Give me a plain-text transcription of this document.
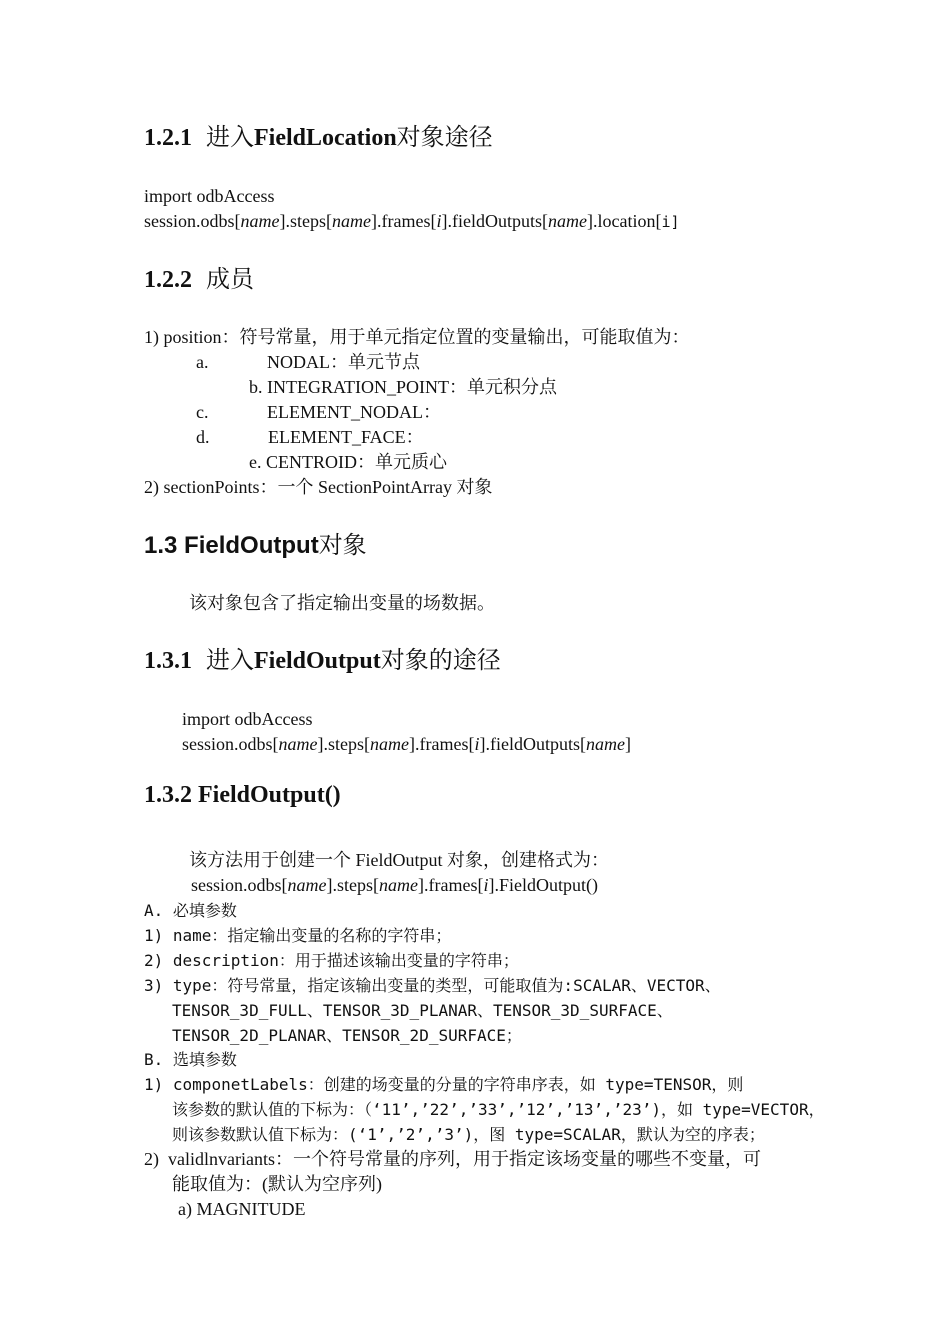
1.2.1 进入FieldLocation对象途径
import odbAccess
session.odbs[name].steps[name].frames[i].fieldOutputs[name].location[i]
1.2.2 成员
1) position：符号常量，用于单元指定位置的变量输出，可能取值为：
a.	NODAL：单元节点
b. INTEGRATION_POINT：单元积分点
c.	ELEMENT_NODAL：
d.	ELEMENT_FACE：
e. CENTROID：单元质心
2) sectionPoints：一个 SectionPointArray 对象
1.3 FieldOutput对象
该对象包含了指定输出变量的场数据。
1.3.1 进入FieldOutput对象的途径
import odbAccess
session.odbs[name].steps[name].frames[i].fieldOutputs[name]
1.3.2 FieldOutput()
该方法用于创建一个 FieldOutput 对象，创建格式为：
session.odbs[name].steps[name].frames[i].FieldOutput()
A. 必填参数
1) name：指定输出变量的名称的字符串；
2) description：用于描述该输出变量的字符串；
3) type：符号常量，指定该输出变量的类型，可能取值为:SCALAR、VECTOR、
TENSOR_3D_FULL、TENSOR_3D_PLANAR、TENSOR_3D_SURFACE、
TENSOR_2D_PLANAR、TENSOR_2D_SURFACE；
B. 选填参数
1) componetLabels：创建的场变量的分量的字符串序表，如 type=TENSOR，则
该参数的默认值的下标为：（‘11’,’22’,’33’,’12’,’13’,’23’)，如 type=VECTOR，
则该参数默认值下标为：(‘1’,’2’,’3’)，图 type=SCALAR，默认为空的序表；
2) validlnvariants：一个符号常量的序列，用于指定该场变量的哪些不变量，可
能取值为：(默认为空序列)
a) MAGNITUDE
